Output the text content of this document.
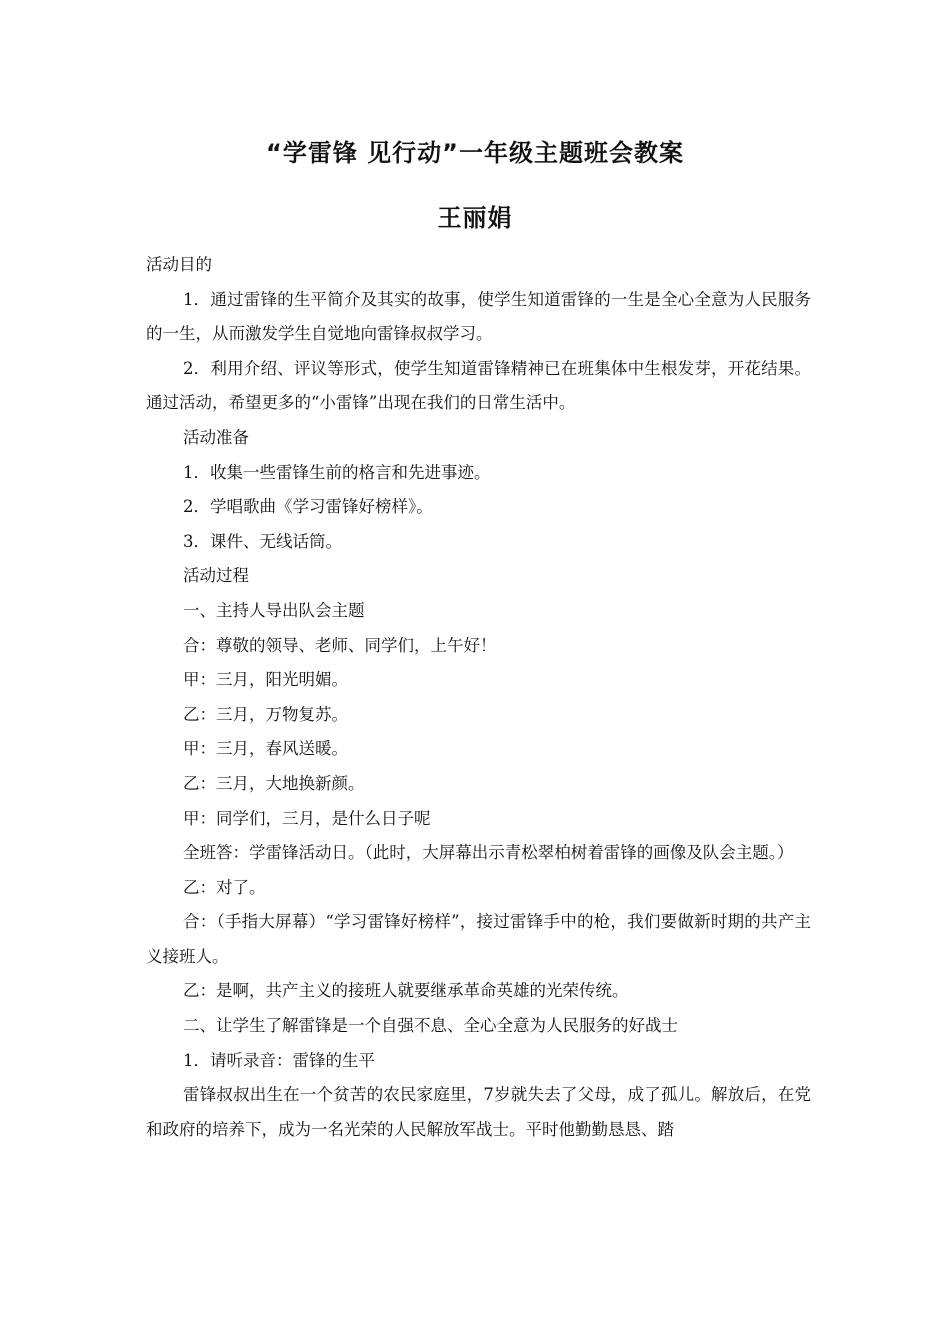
“学雷锋 见行动”一年级主题班会教案
王丽娟

活动目的

1．通过雷锋的生平简介及其实的故事，使学生知道雷锋的一生是全心全意为人民服务的一生，从而激发学生自觉地向雷锋叔叔学习。

2．利用介绍、评议等形式，使学生知道雷锋精神已在班集体中生根发芽，开花结果。通过活动，希望更多的“小雷锋”出现在我们的日常生活中。

活动准备

1．收集一些雷锋生前的格言和先进事迹。

2．学唱歌曲《学习雷锋好榜样》。

3．课件、无线话筒。

活动过程

一、主持人导出队会主题

合：尊敬的领导、老师、同学们，上午好！

甲：三月，阳光明媚。

乙：三月，万物复苏。

甲：三月，春风送暖。

乙：三月，大地换新颜。

甲：同学们，三月，是什么日子呢

全班答：学雷锋活动日。（此时，大屏幕出示青松翠柏树着雷锋的画像及队会主题。）

乙：对了。

合：（手指大屏幕）“学习雷锋好榜样”，接过雷锋手中的枪，我们要做新时期的共产主义接班人。

乙：是啊，共产主义的接班人就要继承革命英雄的光荣传统。

二、让学生了解雷锋是一个自强不息、全心全意为人民服务的好战士

1．请听录音：雷锋的生平

雷锋叔叔出生在一个贫苦的农民家庭里，7岁就失去了父母，成了孤儿。解放后，在党和政府的培养下，成为一名光荣的人民解放军战士。平时他勤勤恳恳、踏
